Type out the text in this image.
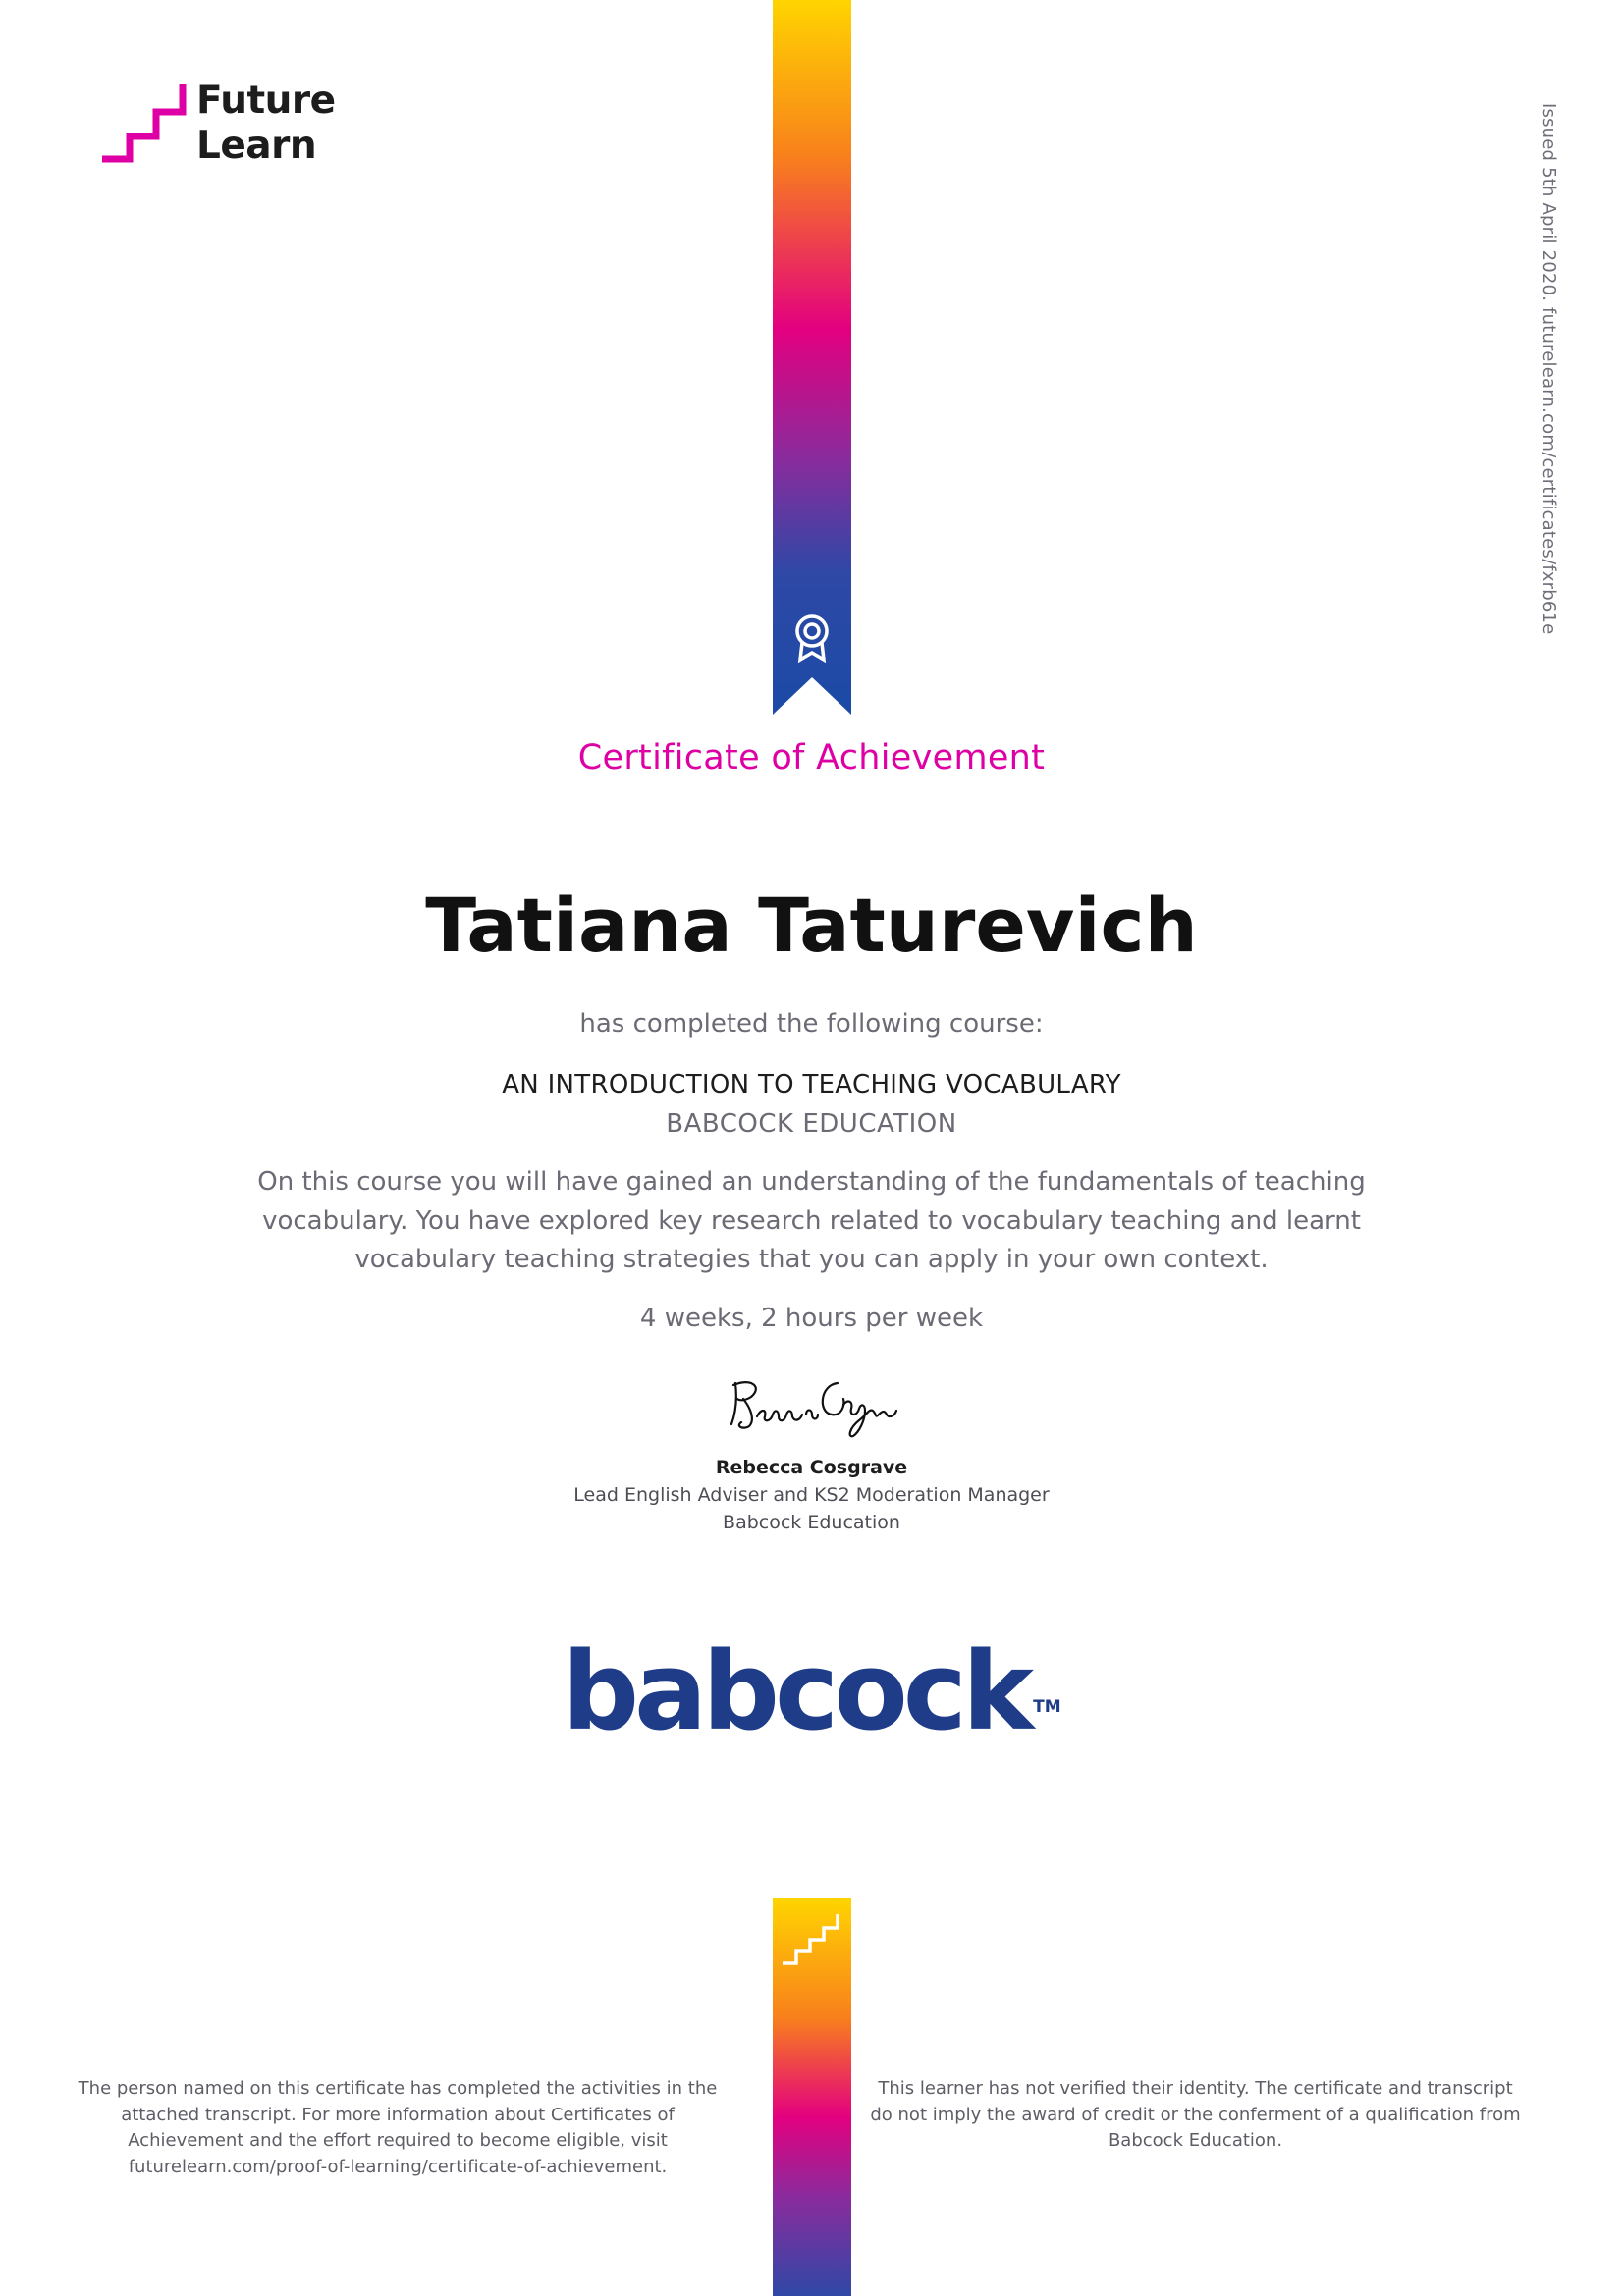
Future
Learn	Issued 5th April 2020. futurelearn.com/certificates/fxrb61e
Certificate of Achievement
Tatiana Taturevich
has completed the following course:
AN INTRODUCTION TO TEACHING VOCABULARY
BABCOCK EDUCATION
On this course you will have gained an understanding of the fundamentals of teaching vocabulary. You have explored key research related to vocabulary teaching and learnt vocabulary teaching strategies that you can apply in your own context.
4 weeks, 2 hours per week
Rebecca Cosgrave
Lead English Adviser and KS2 Moderation Manager
Babcock Education
babcock ™
The person named on this certificate has completed the activities in the attached transcript. For more information about Certificates of Achievement and the effort required to become eligible, visit futurelearn.com/proof-of-learning/certificate-of-achievement.
This learner has not verified their identity. The certificate and transcript do not imply the award of credit or the conferment of a qualification from Babcock Education.
